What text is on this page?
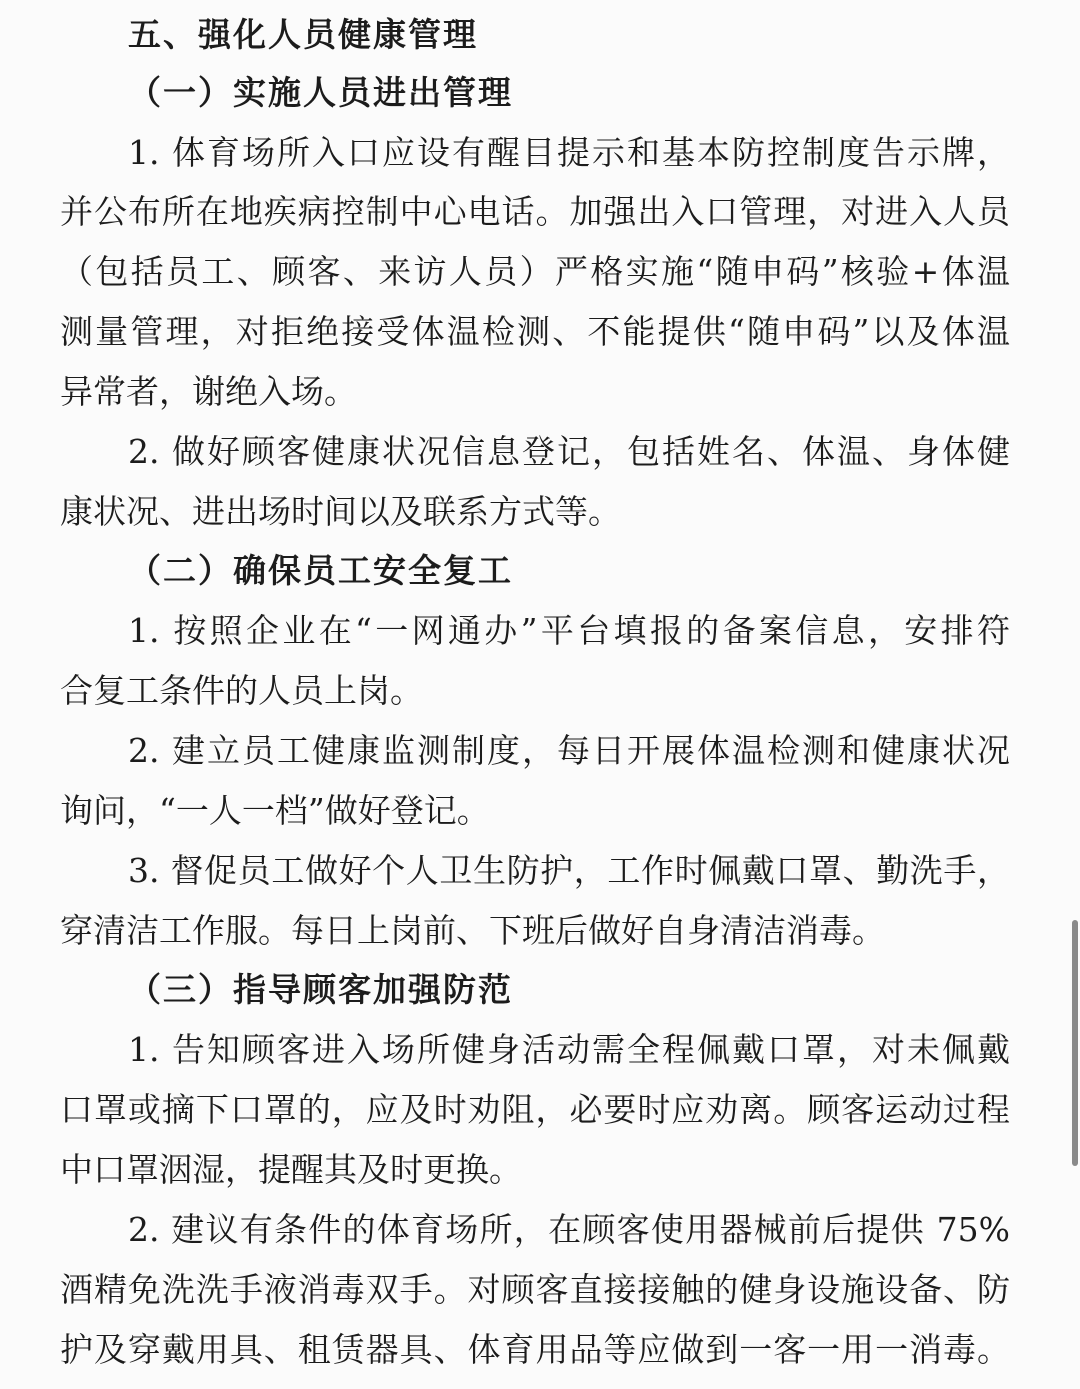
五、强化人员健康管理
（一）实施人员进出管理
1. 体育场所入口应设有醒目提示和基本防控制度告示牌，
并公布所在地疾病控制中心电话。加强出入口管理，对进入人员
（包括员工、顾客、来访人员）严格实施“随申码”核验+体温
测量管理，对拒绝接受体温检测、不能提供“随申码”以及体温
异常者，谢绝入场。
2. 做好顾客健康状况信息登记，包括姓名、体温、身体健
康状况、进出场时间以及联系方式等。
（二）确保员工安全复工
1. 按照企业在“一网通办”平台填报的备案信息，安排符
合复工条件的人员上岗。
2. 建立员工健康监测制度，每日开展体温检测和健康状况
询问，“一人一档”做好登记。
3. 督促员工做好个人卫生防护，工作时佩戴口罩、勤洗手，
穿清洁工作服。每日上岗前、下班后做好自身清洁消毒。
（三）指导顾客加强防范
1. 告知顾客进入场所健身活动需全程佩戴口罩，对未佩戴
口罩或摘下口罩的，应及时劝阻，必要时应劝离。顾客运动过程
中口罩洇湿，提醒其及时更换。
2. 建议有条件的体育场所，在顾客使用器械前后提供 75%
酒精免洗洗手液消毒双手。对顾客直接接触的健身设施设备、防
护及穿戴用具、租赁器具、体育用品等应做到一客一用一消毒。
